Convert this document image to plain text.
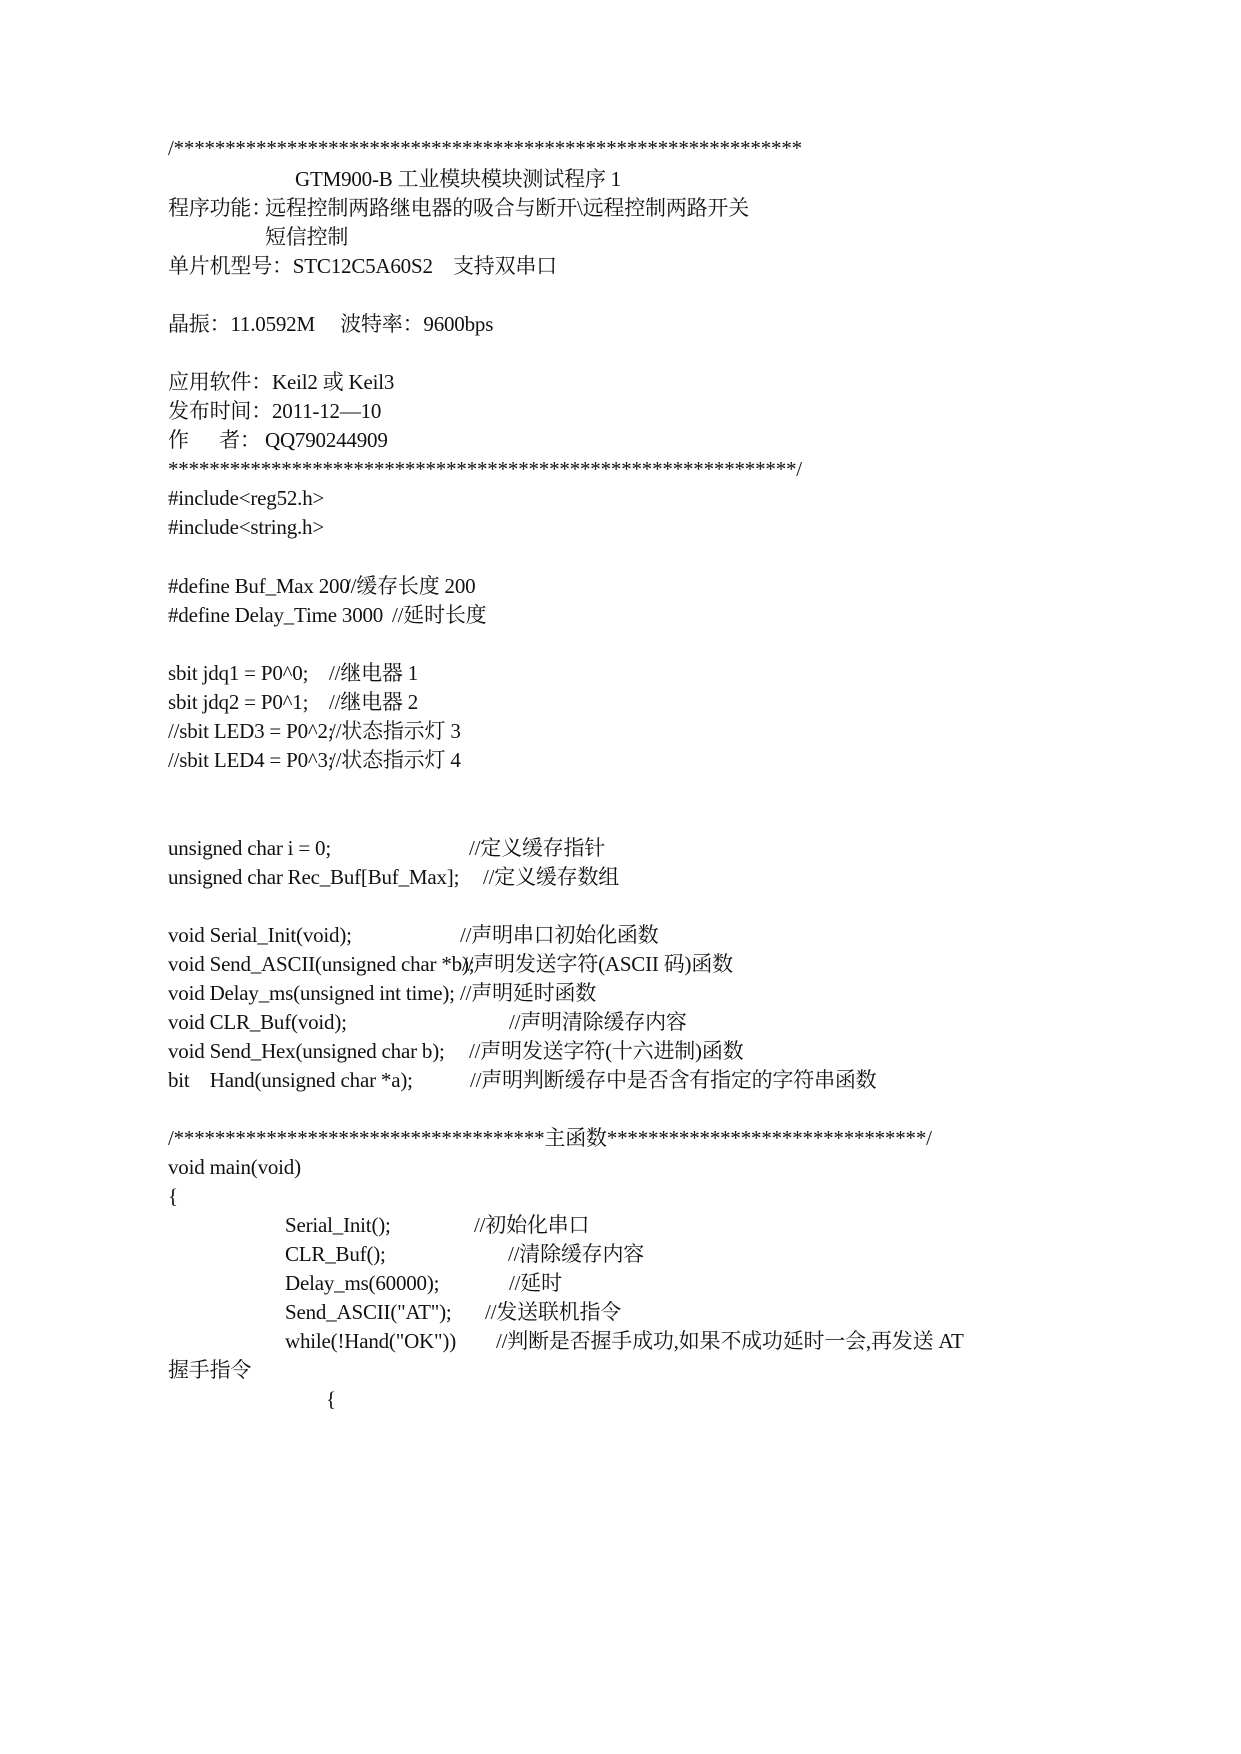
/*************************************************************
GTM900-B 工业模块模块测试程序 1
程序功能：
远程控制两路继电器的吸合与断开\远程控制两路开关
短信控制
单片机型号：STC12C5A60S2    支持双串口
晶振：11.0592M     波特率：9600bps
应用软件：Keil2 或 Keil3
发布时间：2011-12—10
作      者： QQ790244909
*************************************************************/
#include<reg52.h>
#include<string.h>
#define Buf_Max 200
//缓存长度 200
#define Delay_Time 3000 //延时长度
sbit jdq1 = P0^0; //继电器 1
sbit jdq2 = P0^1; //继电器 2
//sbit LED3 = P0^2;
//状态指示灯 3
//sbit LED4 = P0^3;
//状态指示灯 4
unsigned char i = 0;	//定义缓存指针
unsigned char Rec_Buf[Buf_Max]; //定义缓存数组
void Serial_Init(void);	//声明串口初始化函数
void Send_ASCII(unsigned char *b);
//声明发送字符(ASCII 码)函数
void Delay_ms(unsigned int time); //声明延时函数
void CLR_Buf(void);	//声明清除缓存内容
void Send_Hex(unsigned char b); //声明发送字符(十六进制)函数
bit    Hand(unsigned char *a);	//声明判断缓存中是否含有指定的字符串函数
/************************************主函数*******************************/
void main(void)
{
Serial_Init();	//初始化串口
CLR_Buf();	//清除缓存内容
Delay_ms(60000);	//延时
Send_ASCII("AT"); //发送联机指令
while(!Hand("OK")) //判断是否握手成功,如果不成功延时一会,再发送 AT
握手指令
{
